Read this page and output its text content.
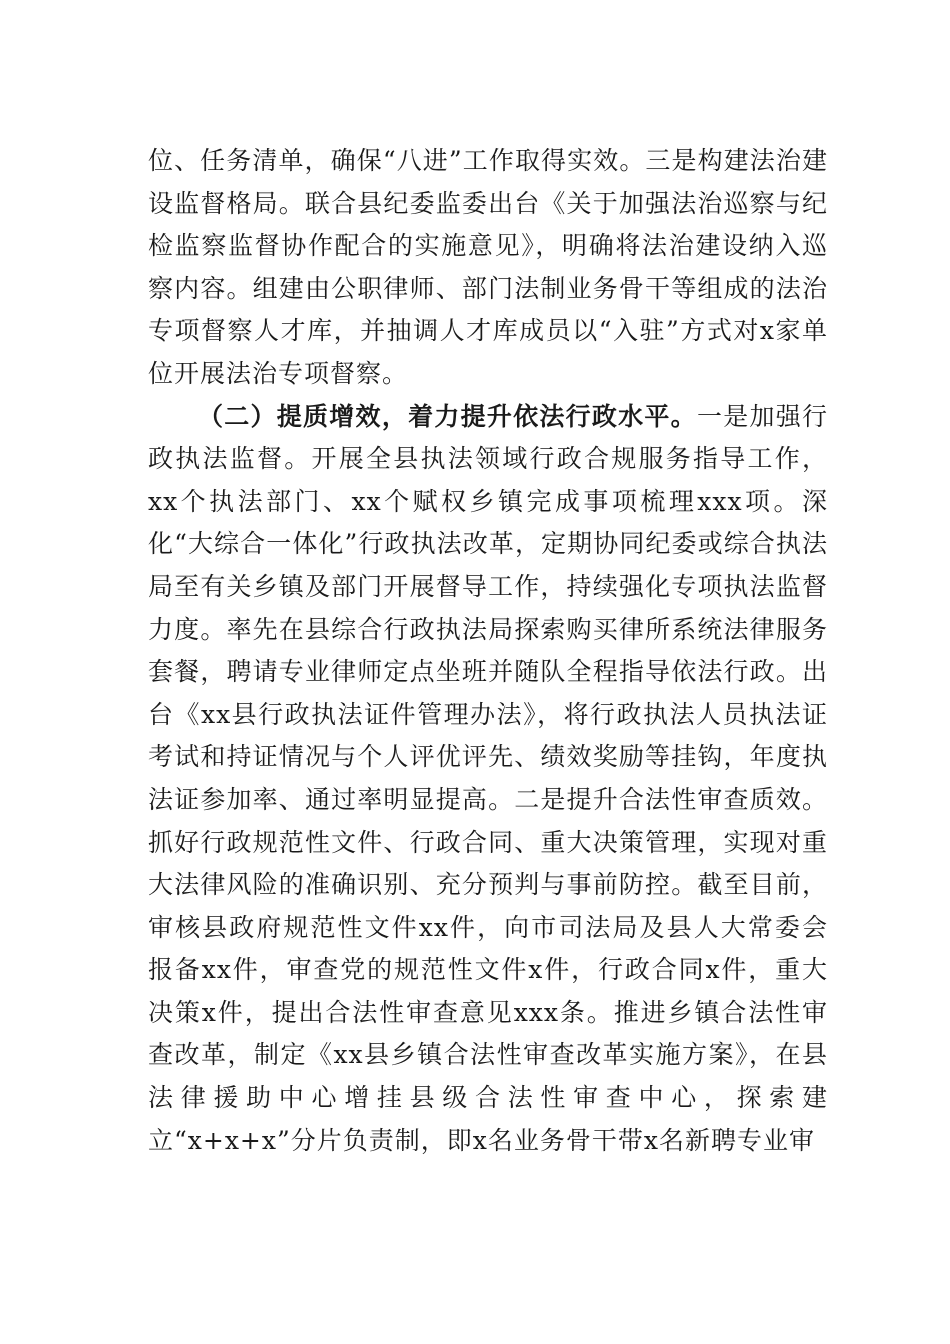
位、任务清单，确保“八进”工作取得实效。三是构建法治建设监督格局。联合县纪委监委出台《关于加强法治巡察与纪检监察监督协作配合的实施意见》，明确将法治建设纳入巡察内容。组建由公职律师、部门法制业务骨干等组成的法治专项督察人才库，并抽调人才库成员以“入驻”方式对x家单位开展法治专项督察。

（二）提质增效，着力提升依法行政水平。一是加强行政执法监督。开展全县执法领域行政合规服务指导工作，xx个执法部门、xx个赋权乡镇完成事项梳理xxx项。深化“大综合一体化”行政执法改革，定期协同纪委或综合执法局至有关乡镇及部门开展督导工作，持续强化专项执法监督力度。率先在县综合行政执法局探索购买律所系统法律服务套餐，聘请专业律师定点坐班并随队全程指导依法行政。出台《xx县行政执法证件管理办法》，将行政执法人员执法证考试和持证情况与个人评优评先、绩效奖励等挂钩，年度执法证参加率、通过率明显提高。二是提升合法性审查质效。抓好行政规范性文件、行政合同、重大决策管理，实现对重大法律风险的准确识别、充分预判与事前防控。截至目前，审核县政府规范性文件xx件，向市司法局及县人大常委会报备xx件，审查党的规范性文件x件，行政合同x件，重大决策x件，提出合法性审查意见xxx条。推进乡镇合法性审查改革，制定《xx县乡镇合法性审查改革实施方案》，在县法律援助中心增挂县级合法性审查中心，探索建立“x+x+x”分片负责制，即x名业务骨干带x名新聘专业审
